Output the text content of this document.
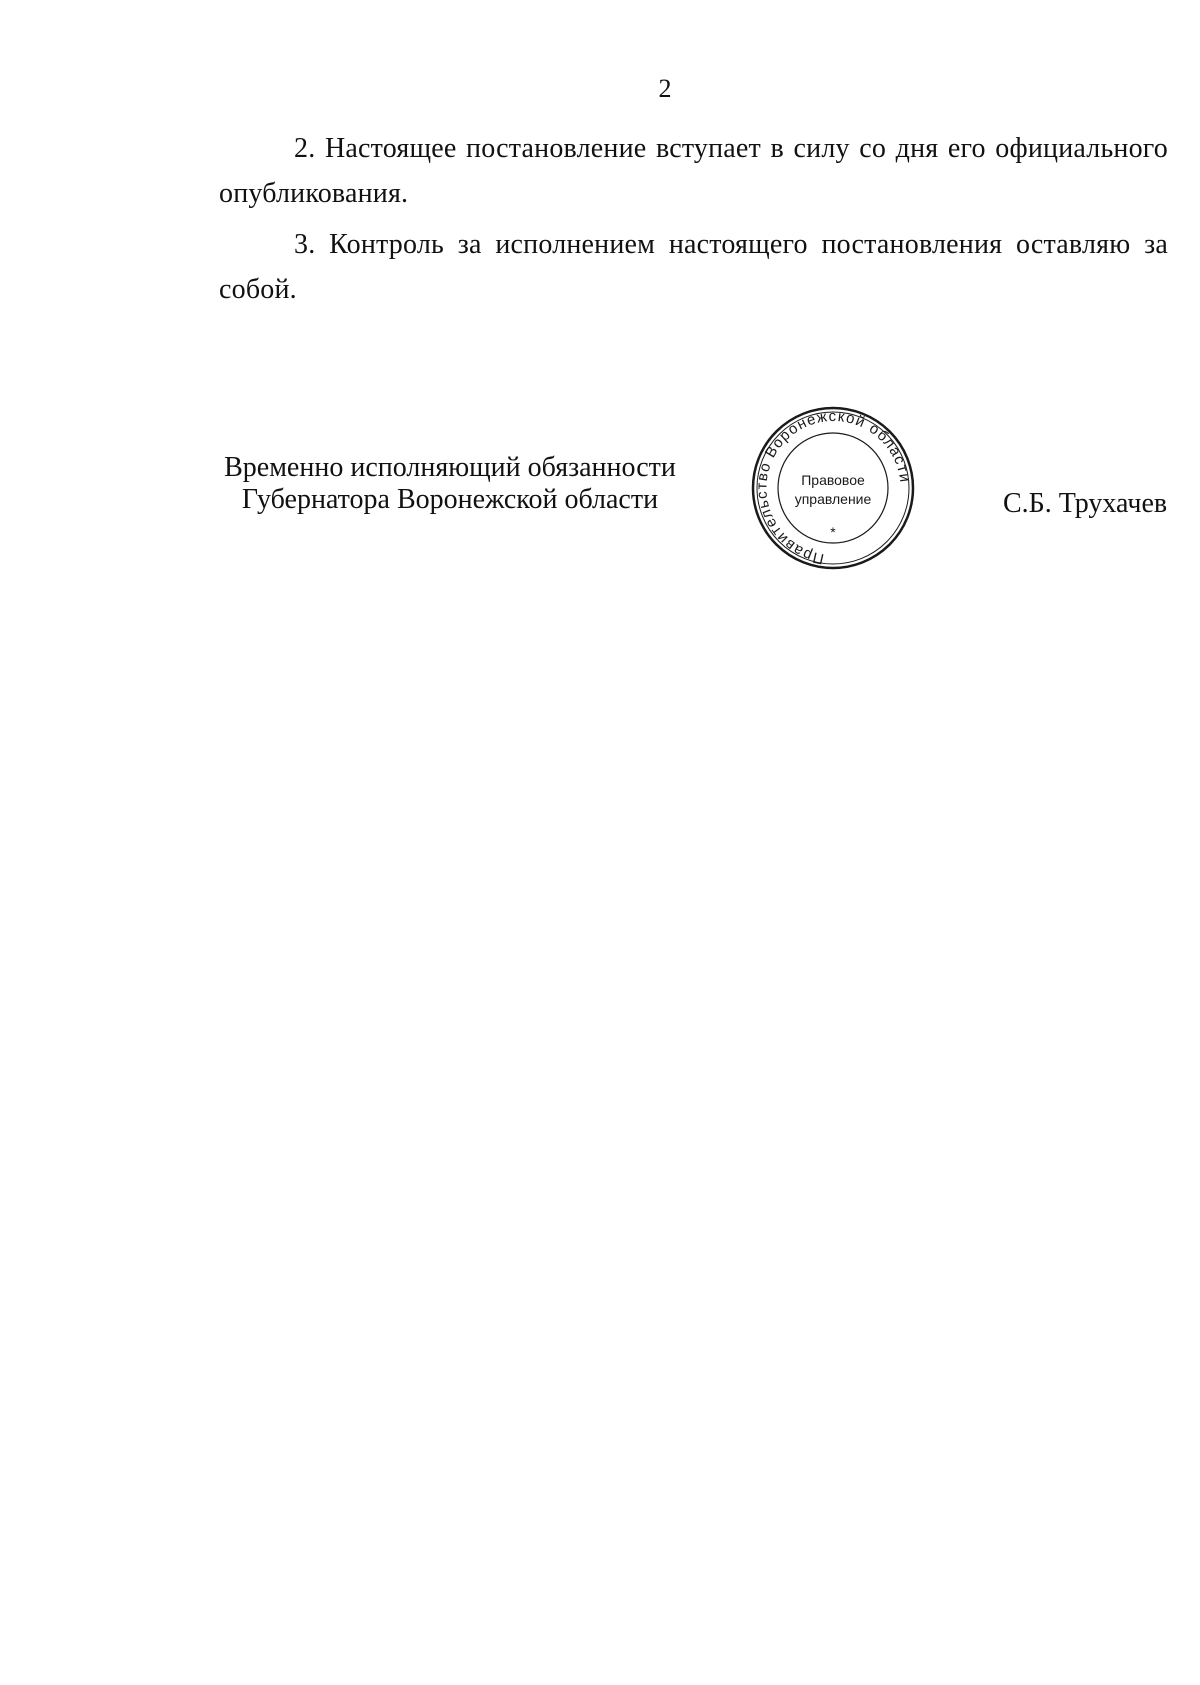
2

2. Настоящее постановление вступает в силу со дня его официального опубликования.

3. Контроль за исполнением настоящего постановления оставляю за собой.

Временно исполняющий обязанности
Губернатора Воронежской области
Правительство Воронежской области
Правовое
управление
*
С.Б. Трухачев
